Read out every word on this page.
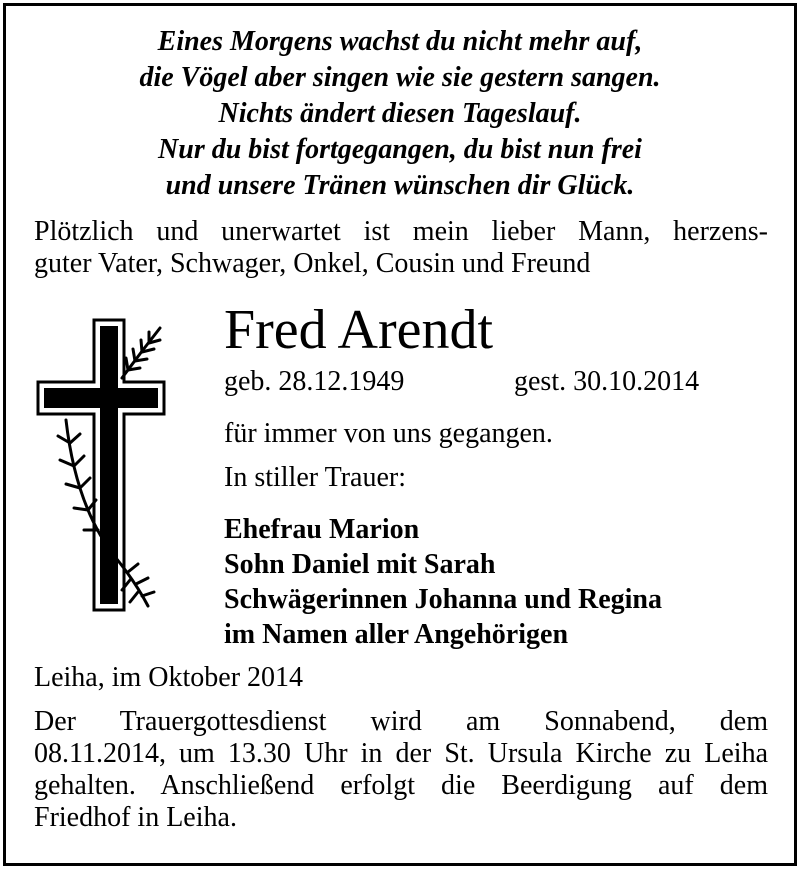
Eines Morgens wachst du nicht mehr auf,
die Vögel aber singen wie sie gestern sangen.
Nichts ändert diesen Tageslauf.
Nur du bist fortgegangen, du bist nun frei
und unsere Tränen wünschen dir Glück.
Plötzlich und unerwartet ist mein lieber Mann, herzens-
guter Vater, Schwager, Onkel, Cousin und Freund
Fred Arendt
geb. 28.12.1949	gest. 30.10.2014
für immer von uns gegangen.
In stiller Trauer:
Ehefrau Marion
Sohn Daniel mit Sarah
Schwägerinnen Johanna und Regina
im Namen aller Angehörigen
Leiha, im Oktober 2014
Der Trauergottesdienst wird am Sonnabend, dem
08.11.2014, um 13.30 Uhr in der St. Ursula Kirche zu Leiha
gehalten. Anschließend erfolgt die Beerdigung auf dem
Friedhof in Leiha.
